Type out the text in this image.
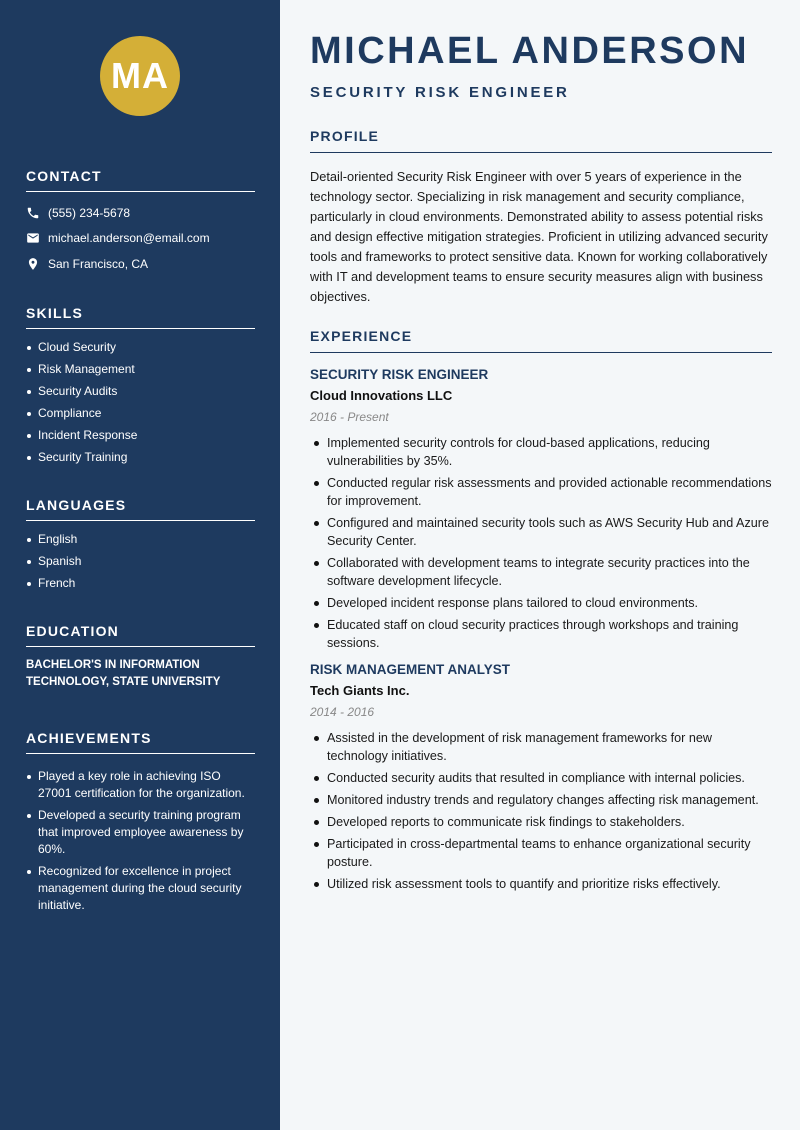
MA
CONTACT
(555) 234-5678
michael.anderson@email.com
San Francisco, CA
SKILLS
Cloud Security
Risk Management
Security Audits
Compliance
Incident Response
Security Training
LANGUAGES
English
Spanish
French
EDUCATION
BACHELOR'S IN INFORMATION TECHNOLOGY, STATE UNIVERSITY
ACHIEVEMENTS
Played a key role in achieving ISO 27001 certification for the organization.
Developed a security training program that improved employee awareness by 60%.
Recognized for excellence in project management during the cloud security initiative.
MICHAEL ANDERSON
SECURITY RISK ENGINEER
PROFILE
Detail-oriented Security Risk Engineer with over 5 years of experience in the technology sector. Specializing in risk management and security compliance, particularly in cloud environments. Demonstrated ability to assess potential risks and design effective mitigation strategies. Proficient in utilizing advanced security tools and frameworks to protect sensitive data. Known for working collaboratively with IT and development teams to ensure security measures align with business objectives.
EXPERIENCE
SECURITY RISK ENGINEER
Cloud Innovations LLC
2016 - Present
Implemented security controls for cloud-based applications, reducing vulnerabilities by 35%.
Conducted regular risk assessments and provided actionable recommendations for improvement.
Configured and maintained security tools such as AWS Security Hub and Azure Security Center.
Collaborated with development teams to integrate security practices into the software development lifecycle.
Developed incident response plans tailored to cloud environments.
Educated staff on cloud security practices through workshops and training sessions.
RISK MANAGEMENT ANALYST
Tech Giants Inc.
2014 - 2016
Assisted in the development of risk management frameworks for new technology initiatives.
Conducted security audits that resulted in compliance with internal policies.
Monitored industry trends and regulatory changes affecting risk management.
Developed reports to communicate risk findings to stakeholders.
Participated in cross-departmental teams to enhance organizational security posture.
Utilized risk assessment tools to quantify and prioritize risks effectively.
